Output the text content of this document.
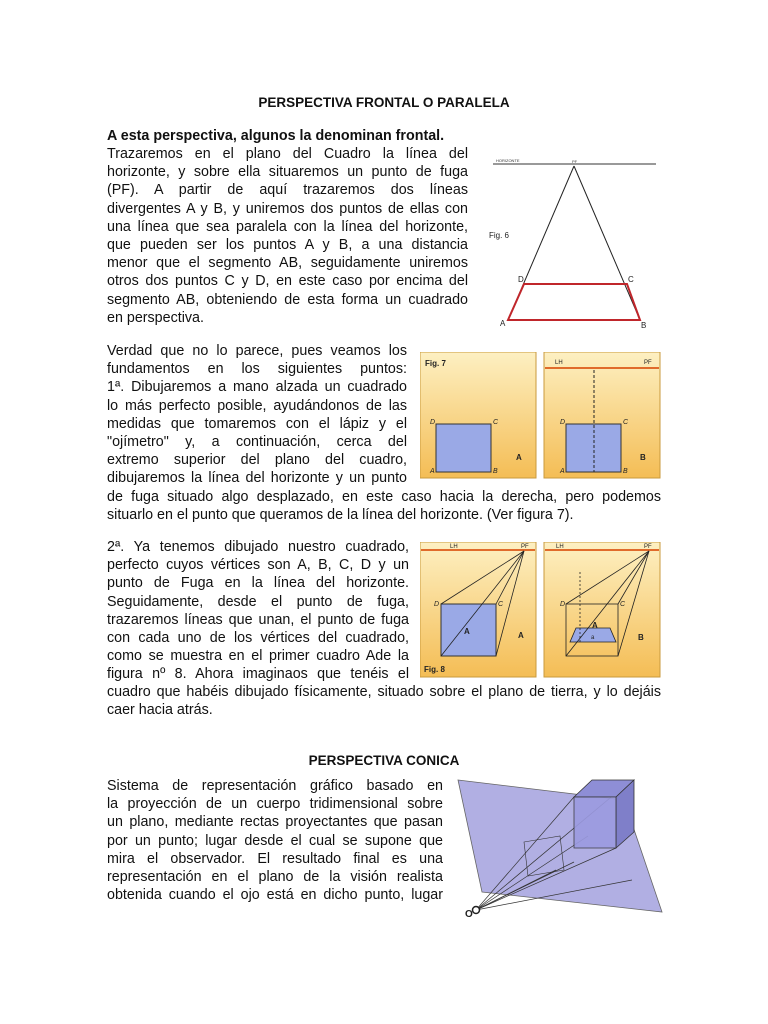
PERSPECTIVA FRONTAL O PARALELA
A esta perspectiva, algunos la denominan frontal.
Trazaremos en el plano del Cuadro la línea del
horizonte, y sobre ella situaremos un punto de fuga
(PF). A partir de aquí trazaremos dos líneas
divergentes A y B, y uniremos dos puntos de ellas con
una línea que sea paralela con la línea del horizonte,
que pueden ser los puntos A y B, a una distancia
menor que el segmento AB, seguidamente uniremos
otros dos puntos C y D, en este caso por encima del
segmento AB, obteniendo de esta forma un cuadrado
en perspectiva.
HORIZONTE	PF
Fig. 6
A	B
C
D
Verdad que no lo parece, pues veamos los
fundamentos en los siguientes puntos:
1ª. Dibujaremos a mano alzada un cuadrado
lo más perfecto posible, ayudándonos de las
medidas que tomaremos con el lápiz y el
"ojímetro" y, a continuación, cerca del
extremo superior del plano del cuadro,
dibujaremos la línea del horizonte y un punto
de fuga situado algo desplazado, en este caso hacia la derecha, pero podemos
situarlo en el punto que queramos de la línea del horizonte. (Ver figura 7).
Fig. 7
D	C
A	B
A
LH	PF
D	C
A	B
B
2ª. Ya tenemos dibujado nuestro cuadrado,
perfecto cuyos vértices son A, B, C, D y un
punto de Fuga en la línea del horizonte.
Seguidamente, desde el punto de fuga,
trazaremos líneas que unan, el punto de fuga
con cada uno de los vértices del cuadrado,
como se muestra en el primer cuadro Ade la
figura nº 8. Ahora imaginaos que tenéis el
cuadro que habéis dibujado físicamente, situado sobre el plano de tierra, y lo dejáis
caer hacia atrás.
LH	PF
D	C
A	A
Fig. 8
LH	PF
A
a
D	C
B
PERSPECTIVA CONICA
Sistema de representación gráfico basado en
la proyección de un cuerpo tridimensional sobre
un plano, mediante rectas proyectantes que pasan
por un punto; lugar desde el cual se supone que
mira el observador. El resultado final es una
representación en el plano de la visión realista
obtenida cuando el ojo está en dicho punto, lugar
O
